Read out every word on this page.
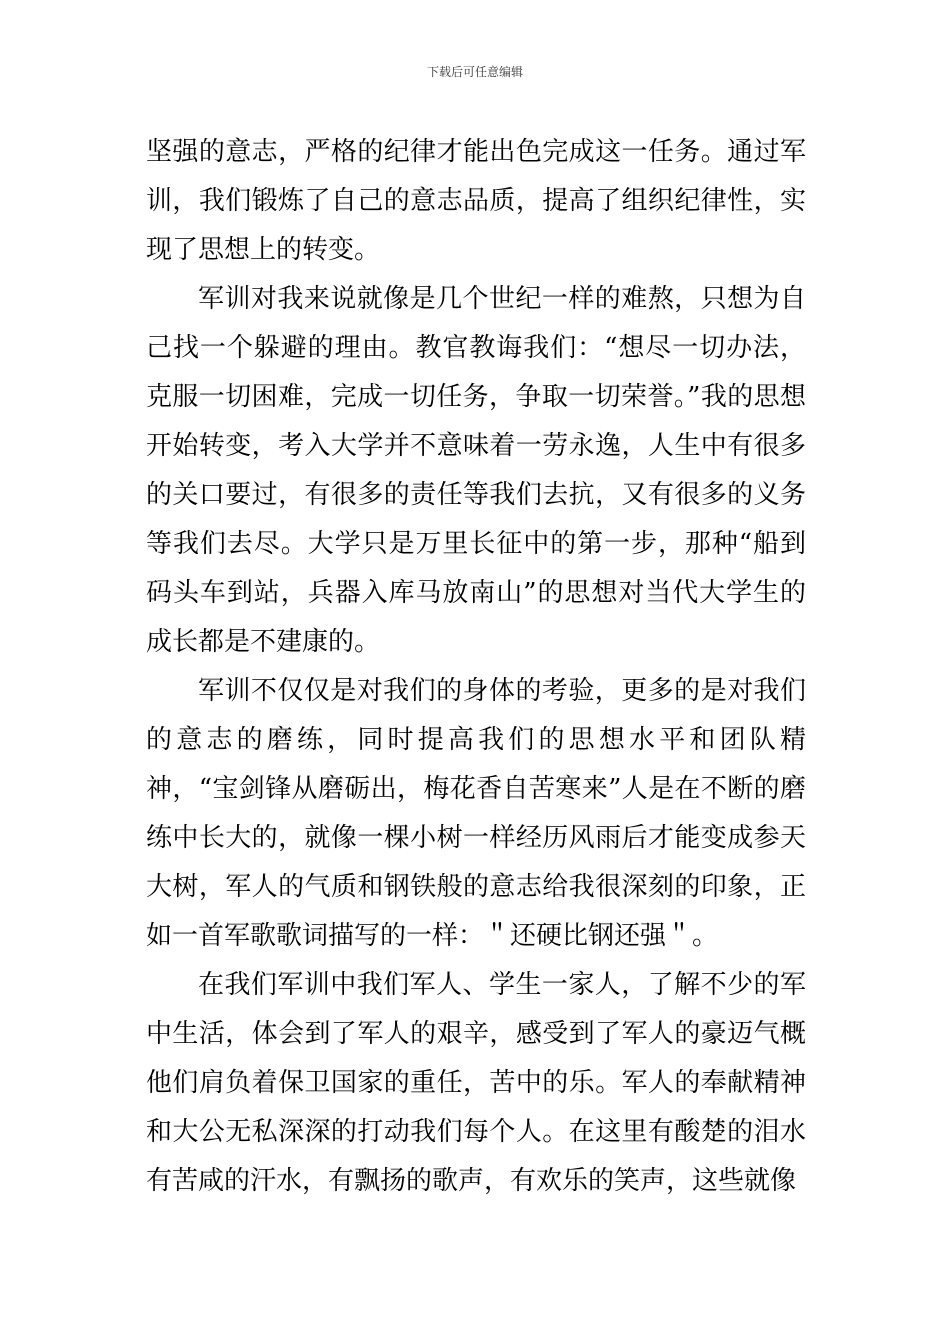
下载后可任意编辑

坚强的意志，严格的纪律才能出色完成这一任务。通过军训，我们锻炼了自己的意志品质，提高了组织纪律性，实现了思想上的转变。

军训对我来说就像是几个世纪一样的难熬，只想为自己找一个躲避的理由。教官教诲我们：“想尽一切办法，克服一切困难，完成一切任务，争取一切荣誉。”我的思想开始转变，考入大学并不意味着一劳永逸，人生中有很多的关口要过，有很多的责任等我们去抗，又有很多的义务等我们去尽。大学只是万里长征中的第一步，那种“船到码头车到站，兵器入库马放南山”的思想对当代大学生的成长都是不建康的。

军训不仅仅是对我们的身体的考验，更多的是对我们的意志的磨练，同时提高我们的思想水平和团队精神，“宝剑锋从磨砺出，梅花香自苦寒来”人是在不断的磨练中长大的，就像一棵小树一样经历风雨后才能变成参天大树，军人的气质和钢铁般的意志给我很深刻的印象，正如一首军歌歌词描写的一样：＂还硬比钢还强＂。

在我们军训中我们军人、学生一家人，了解不少的军中生活，体会到了军人的艰辛，感受到了军人的豪迈气概他们肩负着保卫国家的重任，苦中的乐。军人的奉献精神和大公无私深深的打动我们每个人。在这里有酸楚的泪水有苦咸的汗水，有飘扬的歌声，有欢乐的笑声，这些就像
